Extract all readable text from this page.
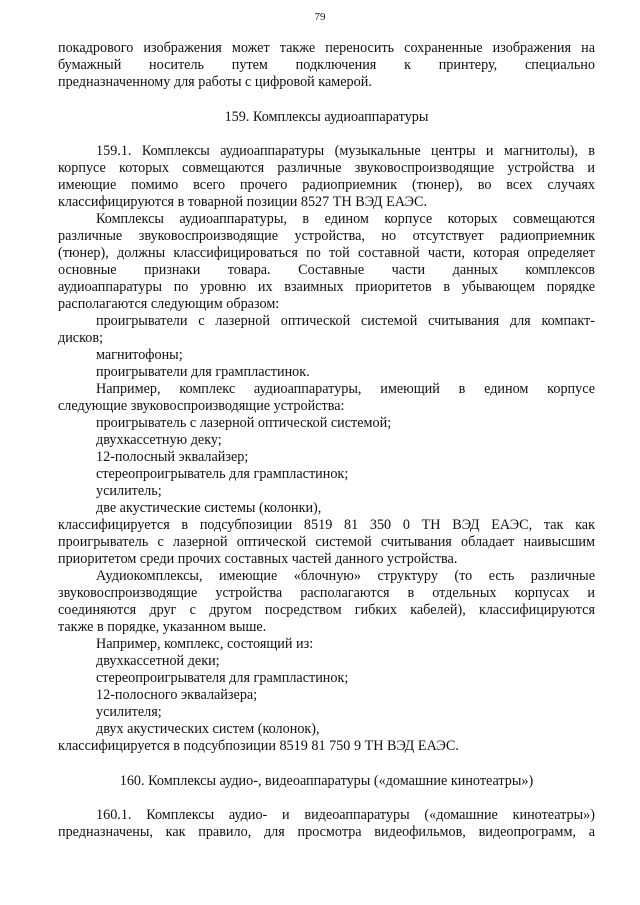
79
покадрового изображения может также переносить сохраненные изображения на
бумажный носитель путем подключения к принтеру, специально
предназначенному для работы с цифровой камерой.
159. Комплексы аудиоаппаратуры
159.1. Комплексы аудиоаппаратуры (музыкальные центры и магнитолы), в
корпусе которых совмещаются различные звуковоспроизводящие устройства и
имеющие помимо всего прочего радиоприемник (тюнер), во всех случаях
классифицируются в товарной позиции 8527 ТН ВЭД ЕАЭС.
Комплексы аудиоаппаратуры, в едином корпусе которых совмещаются
различные звуковоспроизводящие устройства, но отсутствует радиоприемник
(тюнер), должны классифицироваться по той составной части, которая определяет
основные признаки товара. Составные части данных комплексов
аудиоаппаратуры по уровню их взаимных приоритетов в убывающем порядке
располагаются следующим образом:
проигрыватели с лазерной оптической системой считывания для компакт-
дисков;
магнитофоны;
проигрыватели для грампластинок.
Например, комплекс аудиоаппаратуры, имеющий в едином корпусе
следующие звуковоспроизводящие устройства:
проигрыватель с лазерной оптической системой;
двухкассетную деку;
12-полосный эквалайзер;
стереопроигрыватель для грампластинок;
усилитель;
две акустические системы (колонки),
классифицируется в подсубпозиции 8519 81 350 0 ТН ВЭД ЕАЭС, так как
проигрыватель с лазерной оптической системой считывания обладает наивысшим
приоритетом среди прочих составных частей данного устройства.
Аудиокомплексы, имеющие «блочную» структуру (то есть различные
звуковоспроизводящие устройства располагаются в отдельных корпусах и
соединяются друг с другом посредством гибких кабелей), классифицируются
также в порядке, указанном выше.
Например, комплекс, состоящий из:
двухкассетной деки;
стереопроигрывателя для грампластинок;
12-полосного эквалайзера;
усилителя;
двух акустических систем (колонок),
классифицируется в подсубпозиции 8519 81 750 9 ТН ВЭД ЕАЭС.
160. Комплексы аудио-, видеоаппаратуры («домашние кинотеатры»)
160.1. Комплексы аудио- и видеоаппаратуры («домашние кинотеатры»)
предназначены, как правило, для просмотра видеофильмов, видеопрограмм, а
